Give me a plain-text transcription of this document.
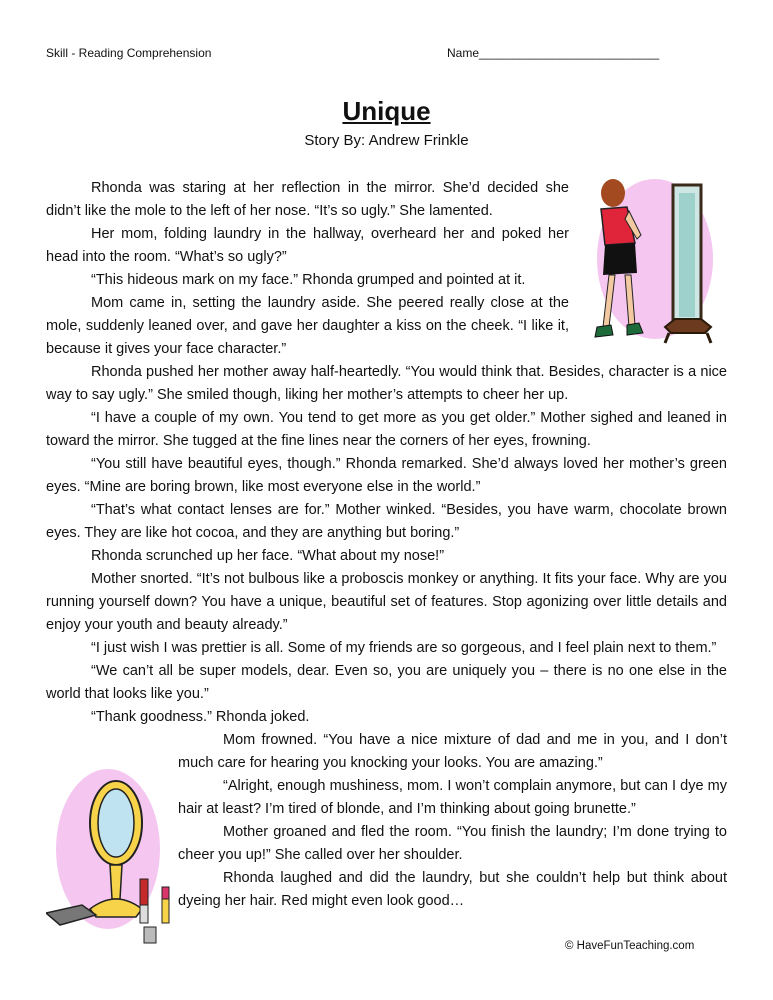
Skill - Reading Comprehension	Name___________________________
Unique
Story By: Andrew Frinkle

Rhonda was staring at her reflection in the mirror. She’d decided she didn’t like the mole to the left of her nose. “It’s so ugly.” She lamented.

Her mom, folding laundry in the hallway, overheard her and poked her head into the room. “What’s so ugly?”

“This hideous mark on my face.” Rhonda grumped and pointed at it.

Mom came in, setting the laundry aside. She peered really close at the mole, suddenly leaned over, and gave her daughter a kiss on the cheek. “I like it, because it gives your face character.”

Rhonda pushed her mother away half-heartedly. “You would think that. Besides, character is a nice way to say ugly.” She smiled though, liking her mother’s attempts to cheer her up.

“I have a couple of my own. You tend to get more as you get older.” Mother sighed and leaned in toward the mirror. She tugged at the fine lines near the corners of her eyes, frowning.

“You still have beautiful eyes, though.” Rhonda remarked. She’d always loved her mother’s green eyes. “Mine are boring brown, like most everyone else in the world.”

“That’s what contact lenses are for.” Mother winked. “Besides, you have warm, chocolate brown eyes. They are like hot cocoa, and they are anything but boring.”

Rhonda scrunched up her face. “What about my nose!”

Mother snorted. “It’s not bulbous like a proboscis monkey or anything. It fits your face. Why are you running yourself down? You have a unique, beautiful set of features. Stop agonizing over little details and enjoy your youth and beauty already.”

“I just wish I was prettier is all. Some of my friends are so gorgeous, and I feel plain next to them.”

“We can’t all be super models, dear. Even so, you are uniquely you – there is no one else in the world that looks like you.”

“Thank goodness.” Rhonda joked.

Mom frowned. “You have a nice mixture of dad and me in you, and I don’t much care for hearing you knocking your looks. You are amazing.”

“Alright, enough mushiness, mom. I won’t complain anymore, but can I dye my hair at least? I’m tired of blonde, and I’m thinking about going brunette.”

Mother groaned and fled the room. “You finish the laundry; I’m done trying to cheer you up!” She called over her shoulder.

Rhonda laughed and did the laundry, but she couldn’t help but think about dyeing her hair. Red might even look good…

© HaveFunTeaching.com
